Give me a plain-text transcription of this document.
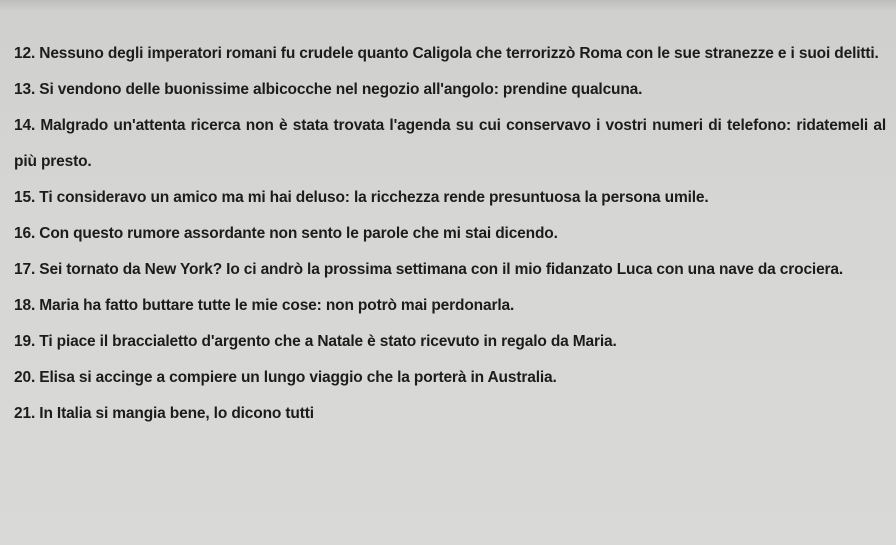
12. Nessuno degli imperatori romani fu crudele quanto Caligola che terrorizzò Roma con le sue stranezze e i suoi delitti.
13. Si vendono delle buonissime albicocche nel negozio all'angolo: prendine qualcuna.
14. Malgrado un'attenta ricerca non è stata trovata l'agenda su cui conservavo i vostri numeri di telefono: ridatemeli al più presto.
15. Ti consideravo un amico ma mi hai deluso: la ricchezza rende presuntuosa la persona umile.
16. Con questo rumore assordante non sento le parole che mi stai dicendo.
17. Sei tornato da New York? Io ci andrò la prossima settimana con il mio fidanzato Luca con una nave da crociera.
18. Maria ha fatto buttare tutte le mie cose: non potrò mai perdonarla.
19. Ti piace il braccialetto d'argento che a Natale è stato ricevuto in regalo da Maria.
20. Elisa si accinge a compiere un lungo viaggio che la porterà in Australia.
21. In Italia si mangia bene, lo dicono tutti
